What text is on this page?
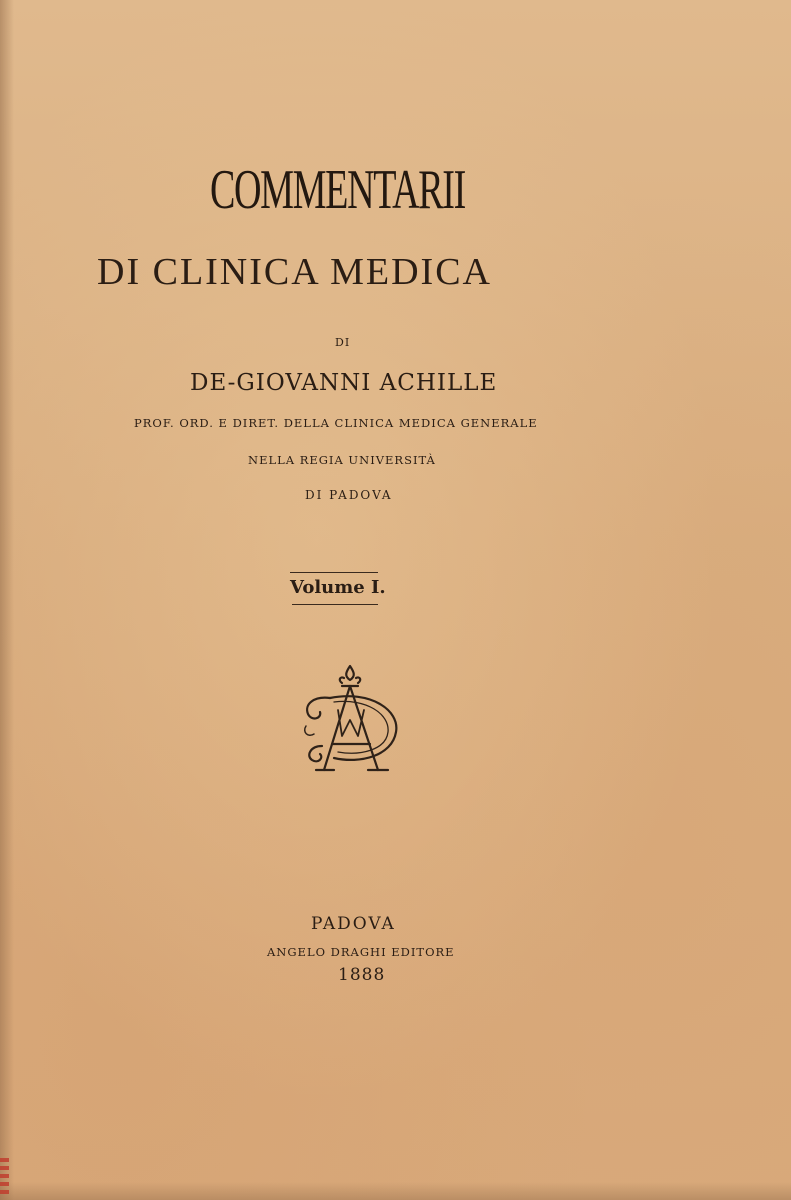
COMMENTARII
DI CLINICA MEDICA
DI
DE-GIOVANNI ACHILLE
PROF. ORD. E DIRET. DELLA CLINICA MEDICA GENERALE
NELLA REGIA UNIVERSITÀ
DI PADOVA
Volume I.
PADOVA
ANGELO DRAGHI EDITORE
1888
